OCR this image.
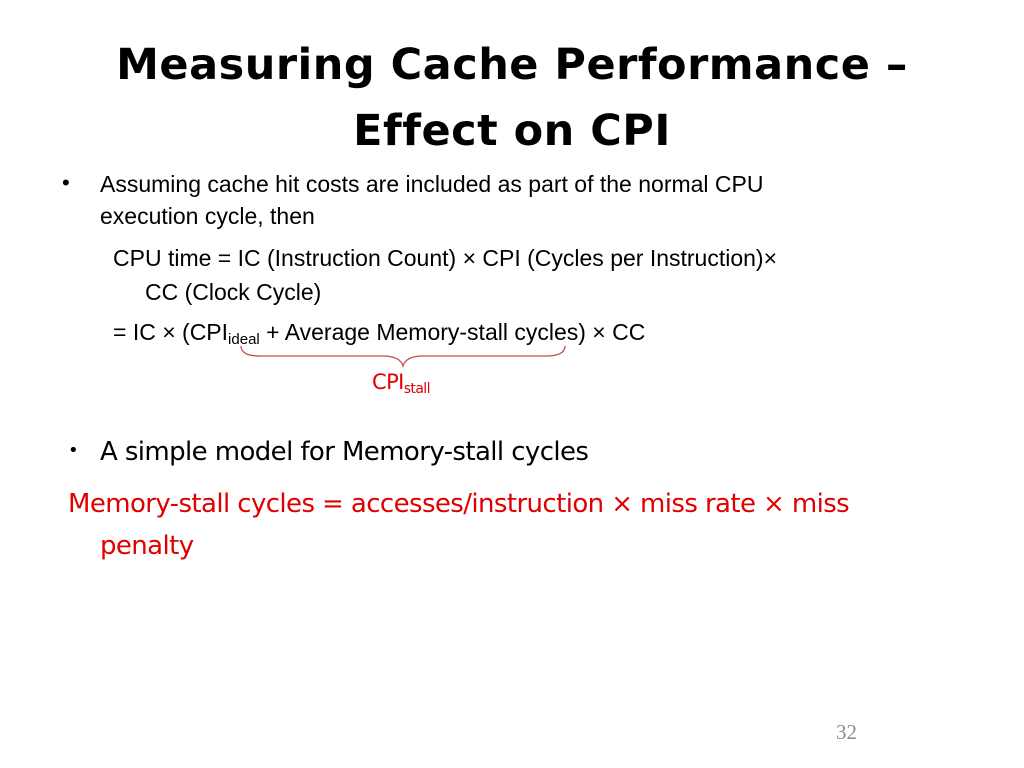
Measuring Cache Performance –
Effect on CPI
• Assuming cache hit costs are included as part of the normal CPU
execution cycle, then
CPU time = IC (Instruction Count) × CPI (Cycles per Instruction)×
CC (Clock Cycle)
= IC × ($CPI_{ideal}$ + Average Memory-stall cycles) × CC
$CPI_{stall}$
• A simple model for Memory-stall cycles
Memory-stall cycles = accesses/instruction × miss rate × miss
penalty
32
